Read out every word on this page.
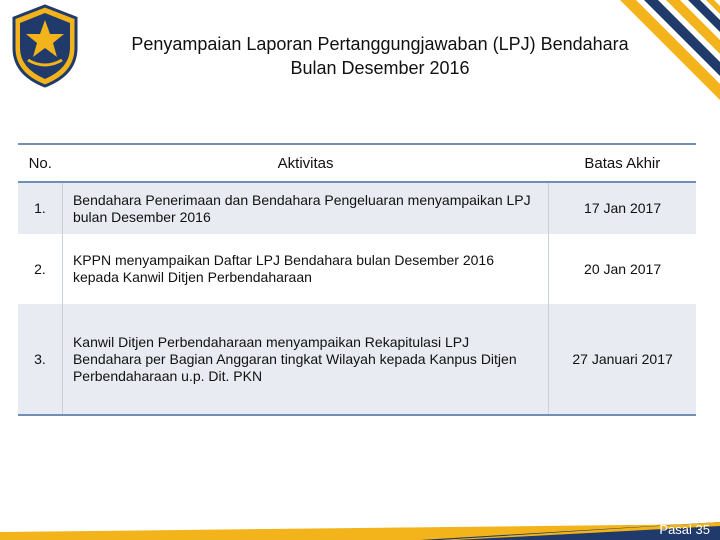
Penyampaian Laporan Pertanggungjawaban (LPJ) Bendahara
Bulan Desember 2016
No.	Aktivitas	Batas Akhir
1.	Bendahara Penerimaan dan Bendahara Pengeluaran menyampaikan LPJ bulan Desember 2016	17 Jan 2017
2.	KPPN menyampaikan Daftar LPJ Bendahara bulan Desember 2016 kepada Kanwil Ditjen Perbendaharaan	20 Jan 2017
3.	Kanwil Ditjen Perbendaharaan menyampaikan Rekapitulasi LPJ Bendahara per Bagian Anggaran tingkat Wilayah kepada Kanpus Ditjen Perbendaharaan u.p. Dit. PKN	27 Januari 2017
Pasal 35
